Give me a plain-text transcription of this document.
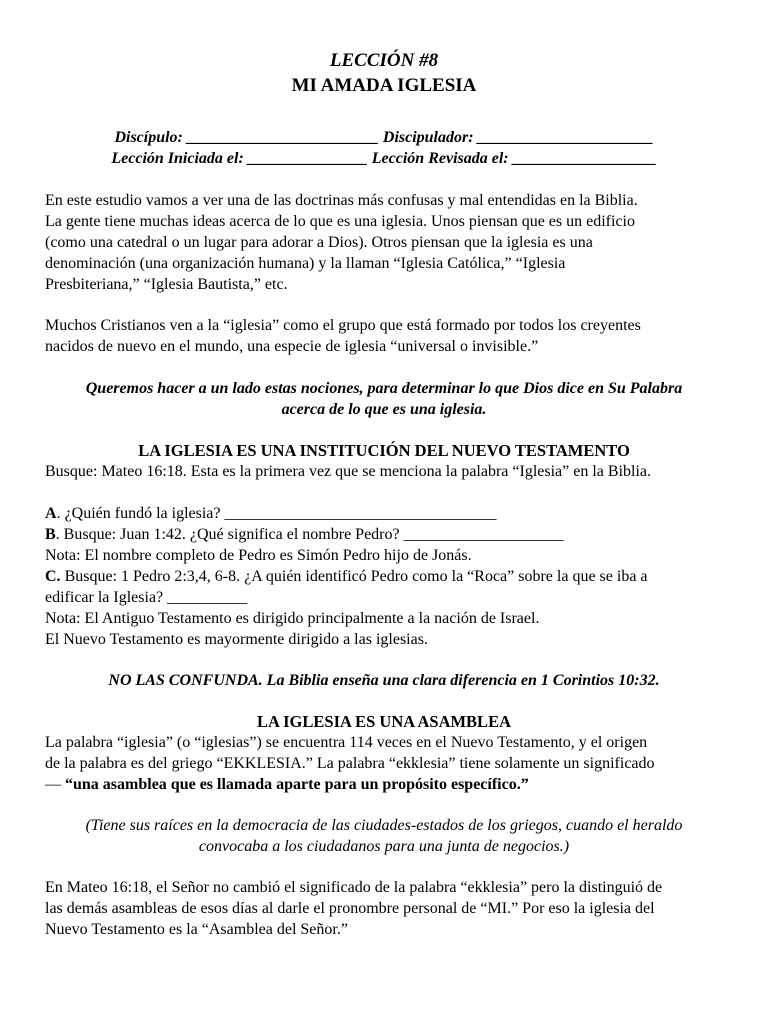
LECCIÓN #8
MI AMADA IGLESIA
Discípulo: ________________________ Discipulador: ______________________
Lección Iniciada el: _______________ Lección Revisada el: __________________

En este estudio vamos a ver una de las doctrinas más confusas y mal entendidas en la Biblia.

La gente tiene muchas ideas acerca de lo que es una iglesia. Unos piensan que es un edificio

(como una catedral o un lugar para adorar a Dios). Otros piensan que la iglesia es una

denominación (una organización humana) y la llaman “Iglesia Católica,” “Iglesia

Presbiteriana,” “Iglesia Bautista,” etc.

Muchos Cristianos ven a la “iglesia” como el grupo que está formado por todos los creyentes

nacidos de nuevo en el mundo, una especie de iglesia “universal o invisible.”

Queremos hacer a un lado estas nociones, para determinar lo que Dios dice en Su Palabra

acerca de lo que es una iglesia.

LA IGLESIA ES UNA INSTITUCIÓN DEL NUEVO TESTAMENTO
Busque: Mateo 16:18. Esta es la primera vez que se menciona la palabra “Iglesia” en la Biblia.
A. ¿Quién fundó la iglesia? __________________________________
B. Busque: Juan 1:42. ¿Qué significa el nombre Pedro? ____________________
Nota: El nombre completo de Pedro es Simón Pedro hijo de Jonás.

C. Busque: 1 Pedro 2:3,4, 6-8. ¿A quién identificó Pedro como la “Roca” sobre la que se iba a

edificar la Iglesia? __________

Nota: El Antiguo Testamento es dirigido principalmente a la nación de Israel.
El Nuevo Testamento es mayormente dirigido a las iglesias.
NO LAS CONFUNDA. La Biblia enseña una clara diferencia en 1 Corintios 10:32.
LA IGLESIA ES UNA ASAMBLEA

La palabra “iglesia” (o “iglesias”) se encuentra 114 veces en el Nuevo Testamento, y el origen

de la palabra es del griego “EKKLESIA.” La palabra “ekklesia” tiene solamente un significado

— “una asamblea que es llamada aparte para un propósito específico.”

(Tiene sus raíces en la democracia de las ciudades-estados de los griegos, cuando el heraldo

convocaba a los ciudadanos para una junta de negocios.)

En Mateo 16:18, el Señor no cambió el significado de la palabra “ekklesia” pero la distinguió de

las demás asambleas de esos días al darle el pronombre personal de “MI.” Por eso la iglesia del

Nuevo Testamento es la “Asamblea del Señor.”
